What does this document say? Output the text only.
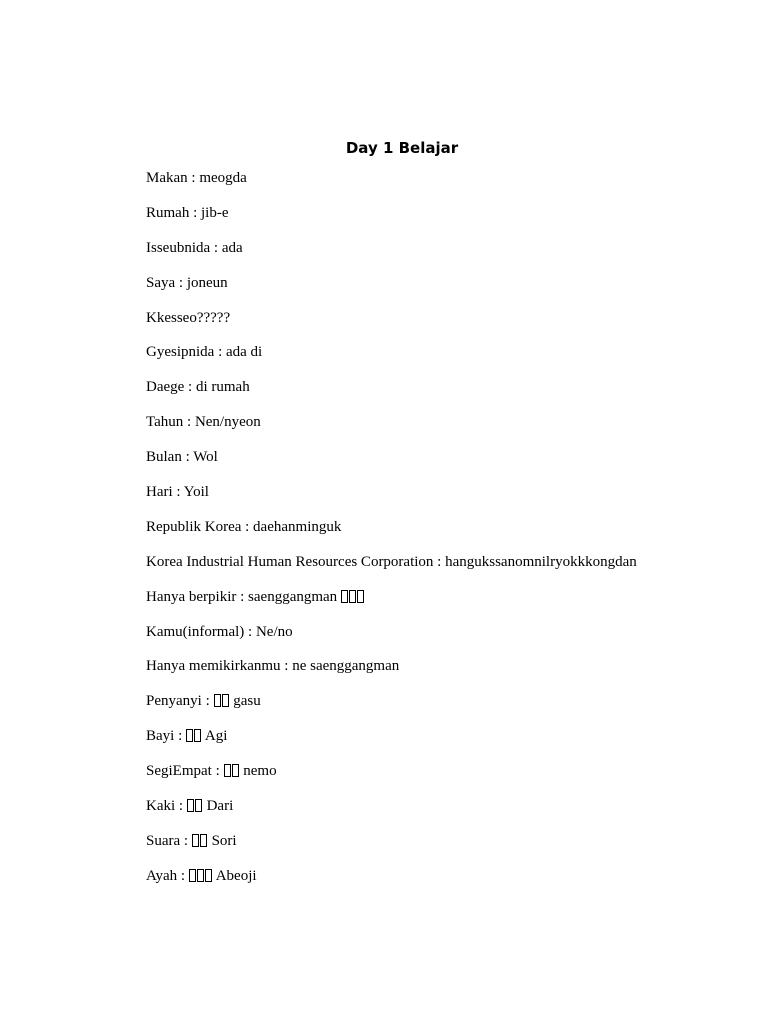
Day 1 Belajar
Makan : meogda
Rumah : jib-e
Isseubnida : ada
Saya : joneun
Kkesseo?????
Gyesipnida : ada di
Daege : di rumah
Tahun : Nen/nyeon
Bulan : Wol
Hari : Yoil
Republik Korea : daehanminguk
Korea Industrial Human Resources Corporation : hangukssanomnilryokkkongdan
Hanya berpikir : saenggangman
Kamu(informal) : Ne/no
Hanya memikirkanmu : ne saenggangman
Penyanyi :  gasu
Bayi :  Agi
SegiEmpat :  nemo
Kaki :  Dari
Suara :  Sori
Ayah :  Abeoji
